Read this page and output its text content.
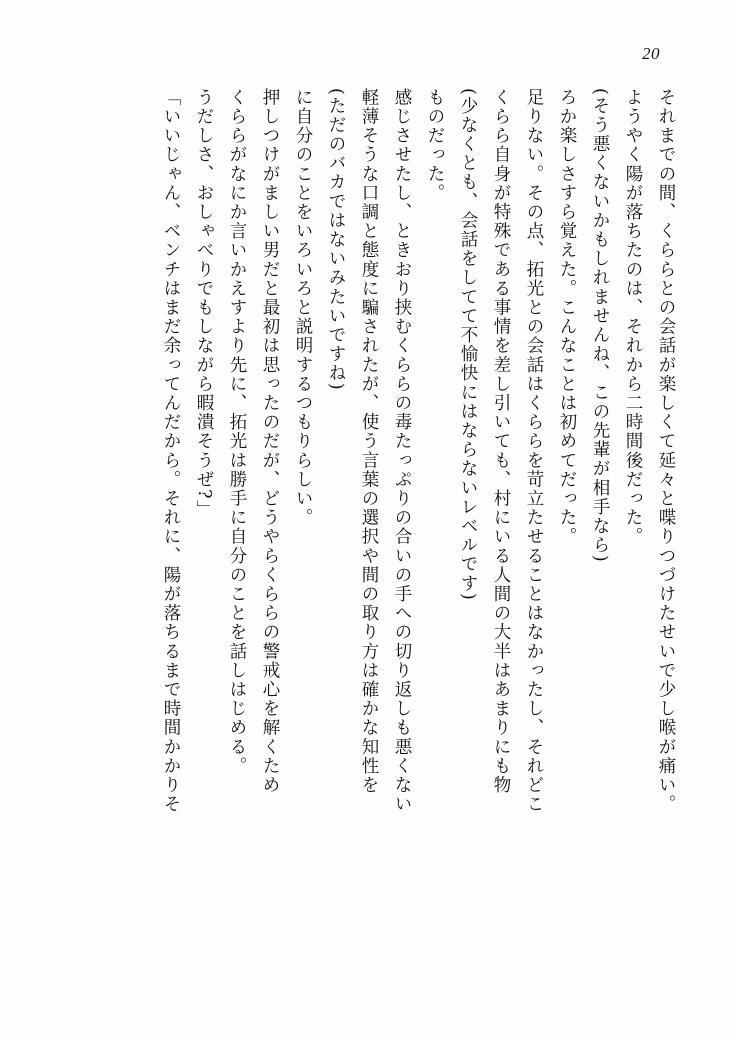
20
「いいじゃん、ベンチはまだ余ってんだから。それに、陽が落ちるまで時間かかりそ うだしさ、おしゃべりでもしながら暇潰そうぜ?」 くららがなにか言いかえすより先に、拓光は勝手に自分のことを話しはじめる。 押しつけがましい男だと最初は思ったのだが、どうやらくららの警戒心を解くため に自分のことをいろいろと説明するつもりらしい。 (ただのバカではないみたいですね) 軽薄そうな口調と態度に騙されたが、使う言葉の選択や間の取り方は確かな知性を 感じさせたし、ときおり挟むくららの毒たっぷりの合いの手への切り返しも悪くない ものだった。 (少なくとも、会話をしてて不愉快にはならないレベルです) くらら自身が特殊である事情を差し引いても、村にいる人間の大半はあまりにも物 足りない。その点、拓光との会話はくららを苛立たせることはなかったし、それどこ ろか楽しさすら覚えた。こんなことは初めてだった。 (そう悪くないかもしれませんね、この先輩が相手なら) ようやく陽が落ちたのは、それから二時間後だった。 それまでの間、くららとの会話が楽しくて延々と喋りつづけたせいで少し喉が痛い。
